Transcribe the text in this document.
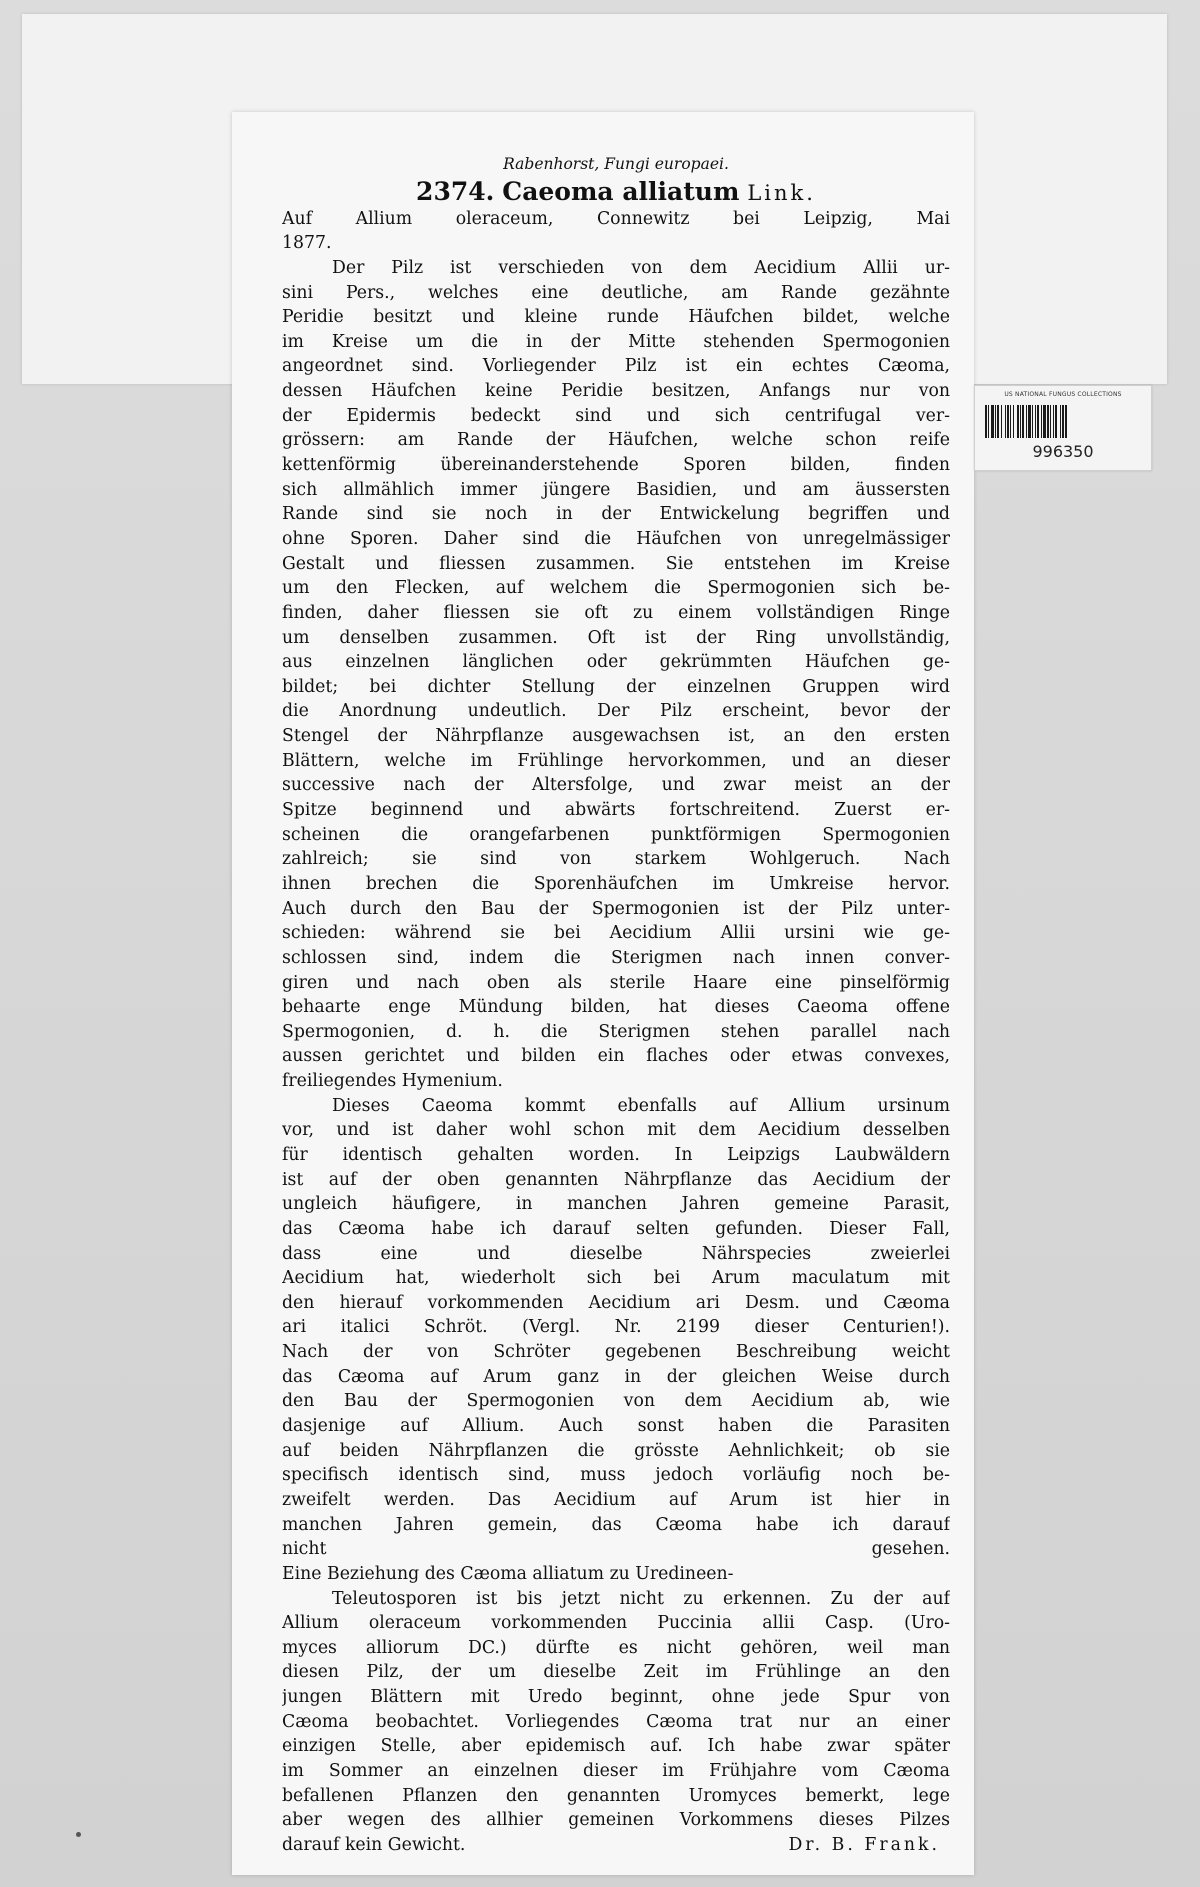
Rabenhorst, Fungi europaei.
2374. Caeoma alliatum Link.
Auf Allium oleraceum, Connewitz bei Leipzig, Mai
1877.
Der Pilz ist verschieden von dem Aecidium Allii ur-
sini Pers., welches eine deutliche, am Rande gezähnte
Peridie besitzt und kleine runde Häufchen bildet, welche
im Kreise um die in der Mitte stehenden Spermogonien
angeordnet sind. Vorliegender Pilz ist ein echtes Cæoma,
dessen Häufchen keine Peridie besitzen, Anfangs nur von
der Epidermis bedeckt sind und sich centrifugal ver-
grössern: am Rande der Häufchen, welche schon reife
kettenförmig übereinanderstehende Sporen bilden, finden
sich allmählich immer jüngere Basidien, und am äussersten
Rande sind sie noch in der Entwickelung begriffen und
ohne Sporen. Daher sind die Häufchen von unregelmässiger
Gestalt und fliessen zusammen. Sie entstehen im Kreise
um den Flecken, auf welchem die Spermogonien sich be-
finden, daher fliessen sie oft zu einem vollständigen Ringe
um denselben zusammen. Oft ist der Ring unvollständig,
aus einzelnen länglichen oder gekrümmten Häufchen ge-
bildet; bei dichter Stellung der einzelnen Gruppen wird
die Anordnung undeutlich. Der Pilz erscheint, bevor der
Stengel der Nährpflanze ausgewachsen ist, an den ersten
Blättern, welche im Frühlinge hervorkommen, und an dieser
successive nach der Altersfolge, und zwar meist an der
Spitze beginnend und abwärts fortschreitend. Zuerst er-
scheinen die orangefarbenen punktförmigen Spermogonien
zahlreich; sie sind von starkem Wohlgeruch. Nach
ihnen brechen die Sporenhäufchen im Umkreise hervor.
Auch durch den Bau der Spermogonien ist der Pilz unter-
schieden: während sie bei Aecidium Allii ursini wie ge-
schlossen sind, indem die Sterigmen nach innen conver-
giren und nach oben als sterile Haare eine pinselförmig
behaarte enge Mündung bilden, hat dieses Caeoma offene
Spermogonien, d. h. die Sterigmen stehen parallel nach
aussen gerichtet und bilden ein flaches oder etwas convexes,
freiliegendes Hymenium.
Dieses Caeoma kommt ebenfalls auf Allium ursinum
vor, und ist daher wohl schon mit dem Aecidium desselben
für identisch gehalten worden. In Leipzigs Laubwäldern
ist auf der oben genannten Nährpflanze das Aecidium der
ungleich häufigere, in manchen Jahren gemeine Parasit,
das Cæoma habe ich darauf selten gefunden. Dieser Fall,
dass eine und dieselbe Nährspecies zweierlei
Aecidium hat, wiederholt sich bei Arum maculatum mit
den hierauf vorkommenden Aecidium ari Desm. und Cæoma
ari italici Schröt. (Vergl. Nr. 2199 dieser Centurien!).
Nach der von Schröter gegebenen Beschreibung weicht
das Cæoma auf Arum ganz in der gleichen Weise durch
den Bau der Spermogonien von dem Aecidium ab, wie
dasjenige auf Allium. Auch sonst haben die Parasiten
auf beiden Nährpflanzen die grösste Aehnlichkeit; ob sie
specifisch identisch sind, muss jedoch vorläufig noch be-
zweifelt werden. Das Aecidium auf Arum ist hier in
manchen Jahren gemein, das Cæoma habe ich darauf
nicht gesehen.
Eine Beziehung des Cæoma alliatum zu Uredineen-
Teleutosporen ist bis jetzt nicht zu erkennen. Zu der auf
Allium oleraceum vorkommenden Puccinia allii Casp. (Uro-
myces alliorum DC.) dürfte es nicht gehören, weil man
diesen Pilz, der um dieselbe Zeit im Frühlinge an den
jungen Blättern mit Uredo beginnt, ohne jede Spur von
Cæoma beobachtet. Vorliegendes Cæoma trat nur an einer
einzigen Stelle, aber epidemisch auf. Ich habe zwar später
im Sommer an einzelnen dieser im Frühjahre vom Cæoma
befallenen Pflanzen den genannten Uromyces bemerkt, lege
aber wegen des allhier gemeinen Vorkommens dieses Pilzes
darauf kein Gewicht.	Dr. B. Frank.
US NATIONAL FUNGUS COLLECTIONS
996350
